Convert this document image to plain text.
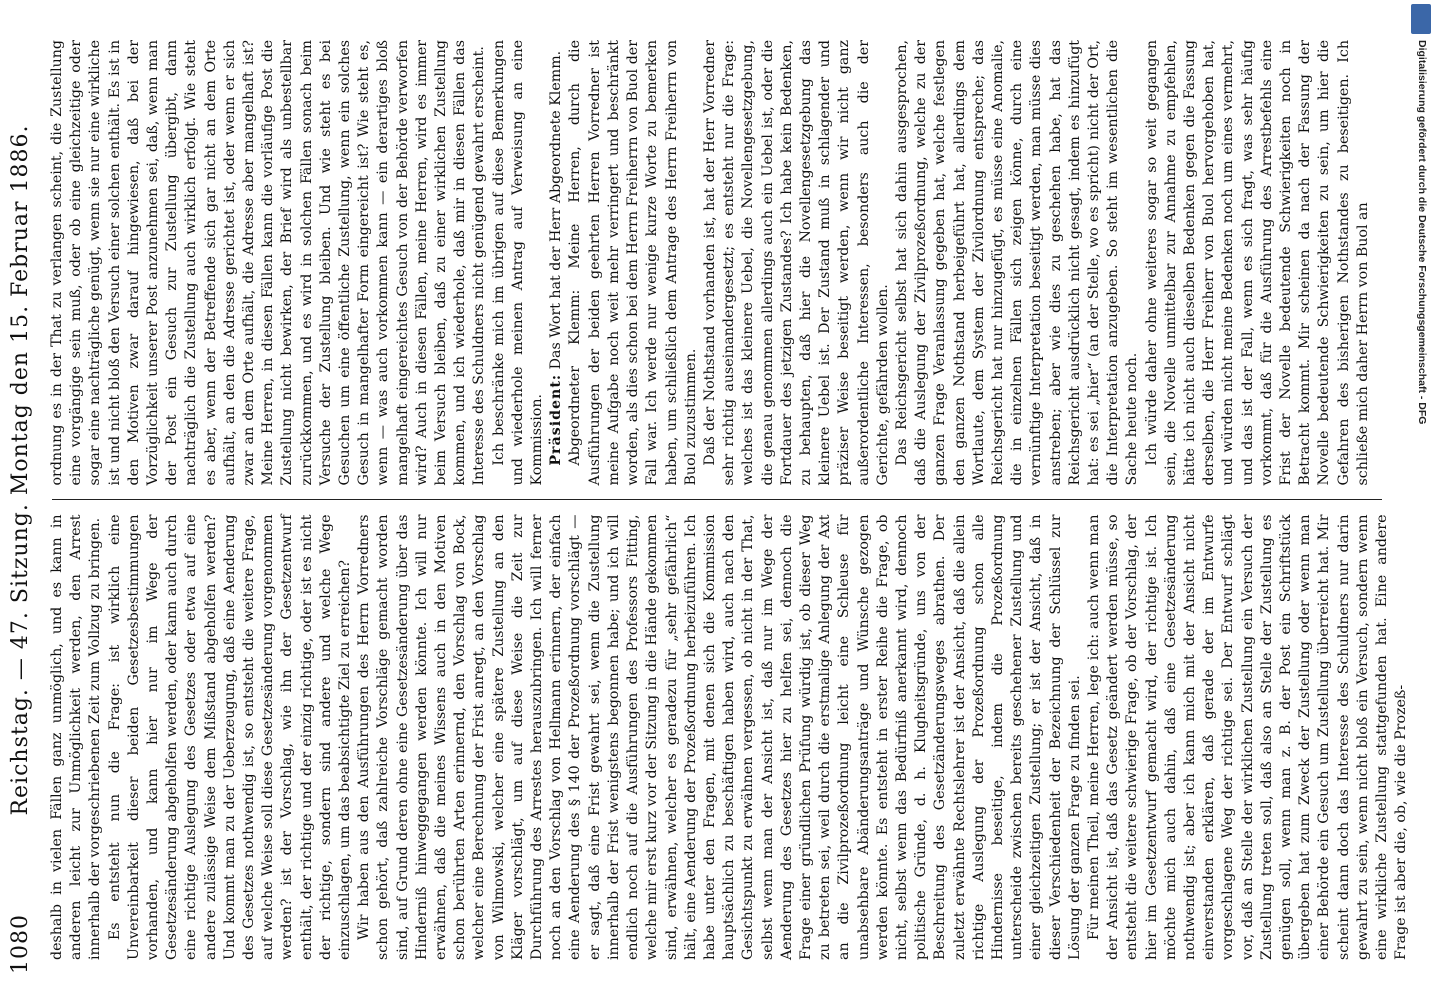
1080
Reichstag. — 47. Sitzung. Montag den 15. Februar 1886. deshalb in vielen Fällen ganz unmöglich, und es kann in anderen leicht zur Unmöglichkeit werden, den Arrest innerhalb der vorgeschriebenen Zeit zum Vollzug zu bringen. Es entsteht nun die Frage: ist wirklich eine Unvereinbarkeit dieser beiden Gesetzesbestimmungen vorhanden, und kann hier nur im Wege der Gesetzesänderung abgeholfen werden, oder kann auch durch eine richtige Auslegung des Gesetzes oder etwa auf eine andere zulässige Weise dem Mißstand abgeholfen werden? Und kommt man zu der Ueberzeugung, daß eine Aenderung des Gesetzes nothwendig ist, so entsteht die weitere Frage, auf welche Weise soll diese Gesetzesänderung vorgenommen werden? ist der Vorschlag, wie ihn der Gesetzentwurf enthält, der richtige und der einzig richtige, oder ist es nicht der richtige, sondern sind andere und welche Wege einzuschlagen, um das beabsichtigte Ziel zu erreichen? Wir haben aus den Ausführungen des Herrn Vorredners schon gehört, daß zahlreiche Vorschläge gemacht worden sind, auf Grund deren ohne eine Gesetzesänderung über das Hinderniß hinweggegangen werden könnte. Ich will nur erwähnen, daß die meines Wissens auch in den Motiven schon berührten Arten erinnernd, den Vorschlag von Bock, welcher eine Berechnung der Frist anregt, an den Vorschlag von Wilmowski, welcher eine spätere Zustellung an den Kläger vorschlägt, um auf diese Weise die Zeit zur Durchführung des Arrestes herauszubringen. Ich will ferner noch an den Vorschlag von Hellmann erinnern, der einfach eine Aenderung des § 140 der Prozeßordnung vorschlägt — er sagt, daß eine Frist gewahrt sei, wenn die Zustellung innerhalb der Frist wenigstens begonnen habe; und ich will endlich noch auf die Ausführungen des Professors Fitting, welche mir erst kurz vor der Sitzung in die Hände gekommen sind, erwähnen, welcher es geradezu für „sehr gefährlich“ hält, eine Aenderung der Prozeßordnung herbeizuführen. Ich habe unter den Fragen, mit denen sich die Kommission hauptsächlich zu beschäftigen haben wird, auch nach den Gesichtspunkt zu erwähnen vergessen, ob nicht in der That, selbst wenn man der Ansicht ist, daß nur im Wege der Aenderung des Gesetzes hier zu helfen sei, dennoch die Frage einer gründlichen Prüfung würdig ist, ob dieser Weg zu betreten sei, weil durch die erstmalige Anlegung der Axt an die Zivilprozeßordnung leicht eine Schleuse für unabsehbare Abänderungsanträge und Wünsche gezogen werden könnte. Es entsteht in erster Reihe die Frage, ob nicht, selbst wenn das Bedürfniß anerkannt wird, dennoch politische Gründe, d. h. Klugheitsgründe, uns von der Beschreitung des Gesetzänderungsweges abrathen. Der zuletzt erwähnte Rechtslehrer ist der Ansicht, daß die allein richtige Auslegung der Prozeßordnung schon alle Hindernisse beseitige, indem die Prozeßordnung unterscheide zwischen bereits geschehener Zustellung und einer gleichzeitigen Zustellung; er ist der Ansicht, daß in dieser Verschiedenheit der Bezeichnung der Schlüssel zur Lösung der ganzen Frage zu finden sei. Für meinen Theil, meine Herren, lege ich: auch wenn man der Ansicht ist, daß das Gesetz geändert werden müsse, so entsteht die weitere schwierige Frage, ob der Vorschlag, der hier im Gesetzentwurf gemacht wird, der richtige ist. Ich möchte mich auch dahin, daß eine Gesetzesänderung nothwendig ist; aber ich kann mich mit der Ansicht nicht einverstanden erklären, daß gerade der im Entwurfe vorgeschlagene Weg der richtige sei. Der Entwurf schlägt vor, daß an Stelle der wirklichen Zustellung ein Versuch der Zustellung treten soll, daß also an Stelle der Zustellung es genügen soll, wenn man z. B. der Post ein Schriftstück übergeben hat zum Zweck der Zustellung oder wenn man einer Behörde ein Gesuch um Zustellung überreicht hat. Mir scheint dann doch das Interesse des Schuldners nur darin gewahrt zu sein, wenn nicht bloß ein Versuch, sondern wenn eine wirkliche Zustellung stattgefunden hat. Eine andere Frage ist aber die, ob, wie die Prozeß-

ordnung es in der That zu verlangen scheint, die Zustellung eine vorgängige sein muß, oder ob eine gleichzeitige oder sogar eine nachträgliche genügt, wenn sie nur eine wirkliche ist und nicht bloß den Versuch einer solchen enthält. Es ist in den Motiven zwar darauf hingewiesen, daß bei der Vorzüglichkeit unserer Post anzunehmen sei, daß, wenn man der Post ein Gesuch zur Zustellung übergibt, dann nachträglich die Zustellung auch wirklich erfolgt. Wie steht es aber, wenn der Betreffende sich gar nicht an dem Orte aufhält, an den die Adresse gerichtet ist, oder wenn er sich zwar an dem Orte aufhält, die Adresse aber mangelhaft ist? Meine Herren, in diesen Fällen kann die vorläufige Post die Zustellung nicht bewirken, der Brief wird als unbestellbar zurückkommen, und es wird in solchen Fällen sonach beim Versuche der Zustellung bleiben. Und wie steht es bei Gesuchen um eine öffentliche Zustellung, wenn ein solches Gesuch in mangelhafter Form eingereicht ist? Wie steht es, wenn — was auch vorkommen kann — ein derartiges bloß mangelhaft eingereichtes Gesuch von der Behörde verworfen wird? Auch in diesen Fällen, meine Herren, wird es immer beim Versuch bleiben, daß zu einer wirklichen Zustellung kommen, und ich wiederhole, daß mir in diesen Fällen das Interesse des Schuldners nicht genügend gewahrt erscheint. Ich beschränke mich im übrigen auf diese Bemerkungen und wiederhole meinen Antrag auf Verweisung an eine Kommission. Präsident: Das Wort hat der Herr Abgeordnete Klemm. Abgeordneter Klemm: Meine Herren, durch die Ausführungen der beiden geehrten Herren Vorredner ist meine Aufgabe noch weit mehr verringert und beschränkt worden, als dies schon bei dem Herrn Freiherrn von Buol der Fall war. Ich werde nur wenige kurze Worte zu bemerken haben, um schließlich dem Antrage des Herrn Freiherrn von Buol zuzustimmen. Daß der Nothstand vorhanden ist, hat der Herr Vorredner sehr richtig auseinandergesetzt; es entsteht nur die Frage: welches ist das kleinere Uebel, die Novellengesetzgebung, die genau genommen allerdings auch ein Uebel ist, oder die Fortdauer des jetzigen Zustandes? Ich habe kein Bedenken, zu behaupten, daß hier die Novellengesetzgebung das kleinere Uebel ist. Der Zustand muß in schlagender und präziser Weise beseitigt werden, wenn wir nicht ganz außerordentliche Interessen, besonders auch die der Gerichte, gefährden wollen. Das Reichsgericht selbst hat sich dahin ausgesprochen, daß die Auslegung der Zivilprozeßordnung, welche zu der ganzen Frage Veranlassung gegeben hat, welche festlegen den ganzen Nothstand herbeigeführt hat, allerdings dem Wortlaute, dem System der Zivilordnung entspreche; das Reichsgericht hat nur hinzugefügt, es müsse eine Anomalie, die in einzelnen Fällen sich zeigen könne, durch eine vernünftige Interpretation beseitigt werden, man müsse dies anstreben; aber wie dies zu geschehen habe, hat das Reichsgericht ausdrücklich nicht gesagt, indem es hinzufügt hat: es sei „hier“ (an der Stelle, wo es spricht) nicht der Ort, die Interpretation anzugeben. So steht im wesentlichen die Sache heute noch. Ich würde daher ohne weiteres sogar so weit gegangen sein, die Novelle unmittelbar zur Annahme zu empfehlen, hätte ich nicht auch dieselben Bedenken gegen die Fassung derselben, die Herr Freiherr von Buol hervorgehoben hat, und würden nicht meine Bedenken noch um eines vermehrt, und das ist der Fall, wenn es sich fragt, was sehr häufig vorkommt, daß für die Ausführung des Arrestbefehls eine Frist der Novelle bedeutende Schwierigkeiten noch in Betracht kommt. Mir scheinen da nach der Fassung der Novelle bedeutende Schwierigkeiten zu sein, um hier die Gefahren des bisherigen Nothstandes zu beseitigen. Ich schließe mich daher Herrn von Buol an	Digitalisierung gefördert durch die Deutsche Forschungsgemeinschaft - DFG
